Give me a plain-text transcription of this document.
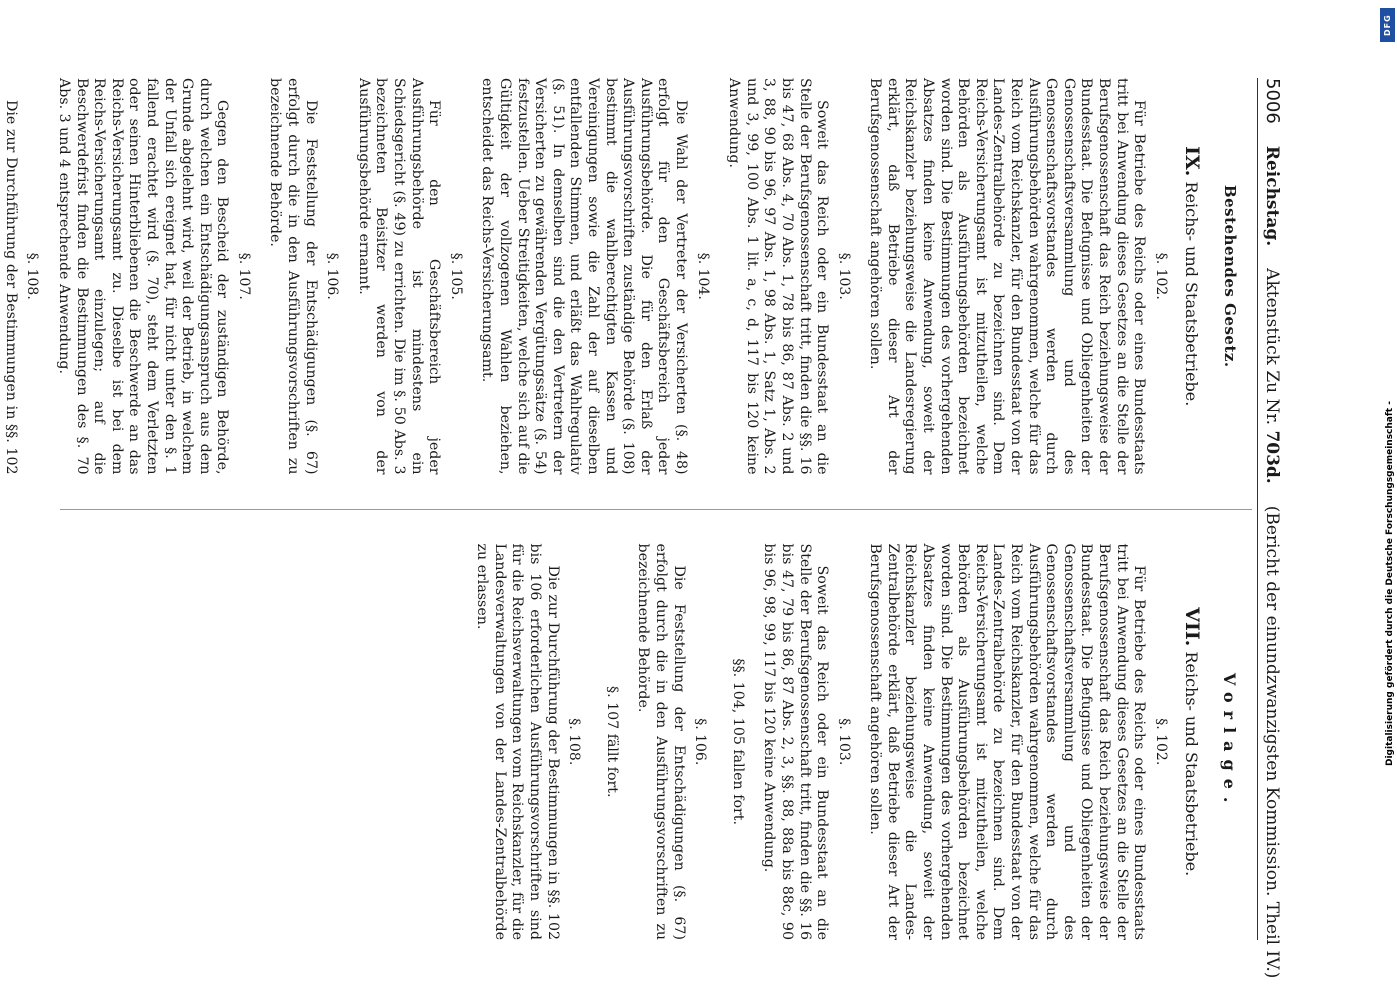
5006
Reichstag.
Aktenstück Zu Nr. 703d.
(Bericht der einundzwanzigsten Kommission. Theil IV.)
Bestehendes Gesetz.
IX. Reichs- und Staatsbetriebe.
§. 102.

Für Betriebe des Reichs oder eines Bundesstaats tritt bei Anwendung dieses Gesetzes an die Stelle der Berufsgenossenschaft das Reich beziehungsweise der Bundesstaat. Die Befugnisse und Obliegenheiten der Genossenschaftsversammlung und des Genossenschaftsvorstandes werden durch Ausführungsbehörden wahrgenommen, welche für das Reich vom Reichskanzler, für den Bundesstaat von der Landes-Zentralbehörde zu bezeichnen sind. Dem Reichs-Versicherungsamt ist mitzutheilen, welche Behörden als Ausführungsbehörden bezeichnet worden sind. Die Bestimmungen des vorhergehenden Absatzes finden keine Anwendung, soweit der Reichskanzler beziehungsweise die Landesregierung erklärt, daß Betriebe dieser Art der Berufsgenossenschaft angehören sollen.

§. 103.

Soweit das Reich oder ein Bundesstaat an die Stelle der Berufsgenossenschaft tritt, finden die §§. 16 bis 47, 68 Abs. 4, 70 Abs. 1, 78 bis 86, 87 Abs. 2 und 3, 88, 90 bis 96, 97 Abs. 1, 98 Abs. 1, Satz 1, Abs. 2 und 3, 99, 100 Abs. 1 lit. a, c, d, 117 bis 120 keine Anwendung.

§. 104.

Die Wahl der Vertreter der Versicherten (§. 48) erfolgt für den Geschäftsbereich jeder Ausführungsbehörde. Die für den Erlaß der Ausführungsvorschriften zuständige Behörde (§. 108) bestimmt die wahlberechtigten Kassen und Vereinigungen sowie die Zahl der auf dieselben entfallenden Stimmen, und erläßt das Wahlregulativ (§. 51). In demselben sind die den Vertretern der Versicherten zu gewährenden Vergütungssätze (§. 54) festzustellen. Ueber Streitigkeiten, welche sich auf die Gültigkeit der vollzogenen Wahlen beziehen, entscheidet das Reichs-Versicherungsamt.

§. 105.

Für den Geschäftsbereich jeder Ausführungsbehörde ist mindestens ein Schiedsgericht (§. 49) zu errichten. Die im §. 50 Abs. 3 bezeichneten Beisitzer werden von der Ausführungsbehörde ernannt.

§. 106.

Die Feststellung der Entschädigungen (§. 67) erfolgt durch die in den Ausführungsvorschriften zu bezeichnende Behörde.

§. 107.

Gegen den Bescheid der zuständigen Behörde, durch welchen ein Entschädigungsanspruch aus dem Grunde abgelehnt wird, weil der Betrieb, in welchem der Unfall sich ereignet hat, für nicht unter den §. 1 fallend erachtet wird (§. 70), steht dem Verletzten oder seinen Hinterbliebenen die Beschwerde an das Reichs-Versicherungsamt zu. Dieselbe ist bei dem Reichs-Versicherungsamt einzulegen; auf die Beschwerdefrist finden die Bestimmungen des §. 70 Abs. 3 und 4 entsprechende Anwendung.

§. 108.

Die zur Durchführung der Bestimmungen in §§. 102

Vorlage.
VII. Reichs- und Staatsbetriebe.
§. 102.

Für Betriebe des Reichs oder eines Bundesstaats tritt bei Anwendung dieses Gesetzes an die Stelle der Berufsgenossenschaft das Reich beziehungsweise der Bundesstaat. Die Befugnisse und Obliegenheiten der Genossenschaftsversammlung und des Genossenschaftsvorstandes werden durch Ausführungsbehörden wahrgenommen, welche für das Reich vom Reichskanzler, für den Bundesstaat von der Landes-Zentralbehörde zu bezeichnen sind. Dem Reichs-Versicherungsamt ist mitzutheilen, welche Behörden als Ausführungsbehörden bezeichnet worden sind. Die Bestimmungen des vorhergehenden Absatzes finden keine Anwendung, soweit der Reichskanzler beziehungsweise die Landes-Zentralbehörde erklärt, daß Betriebe dieser Art der Berufsgenossenschaft angehören sollen.

§. 103.

Soweit das Reich oder ein Bundesstaat an die Stelle der Berufsgenossenschaft tritt, finden die §§. 16 bis 47, 79 bis 86, 87 Abs. 2, 3, §§. 88, 88a bis 88c, 90 bis 96, 98, 99, 117 bis 120 keine Anwendung.

§§. 104, 105 fallen fort.
§. 106.

Die Feststellung der Entschädigungen (§. 67) erfolgt durch die in den Ausführungsvorschriften zu bezeichnende Behörde.

§. 107 fällt fort.
§. 108.

Die zur Durchführung der Bestimmungen in §§. 102 bis 106 erforderlichen Ausführungsvorschriften sind für die Reichsverwaltungen vom Reichskanzler, für die Landesverwaltungen von der Landes-Zentralbehörde zu erlassen.	Digitalisierung gefördert durch die Deutsche Forschungsgemeinschaft -
DFG
